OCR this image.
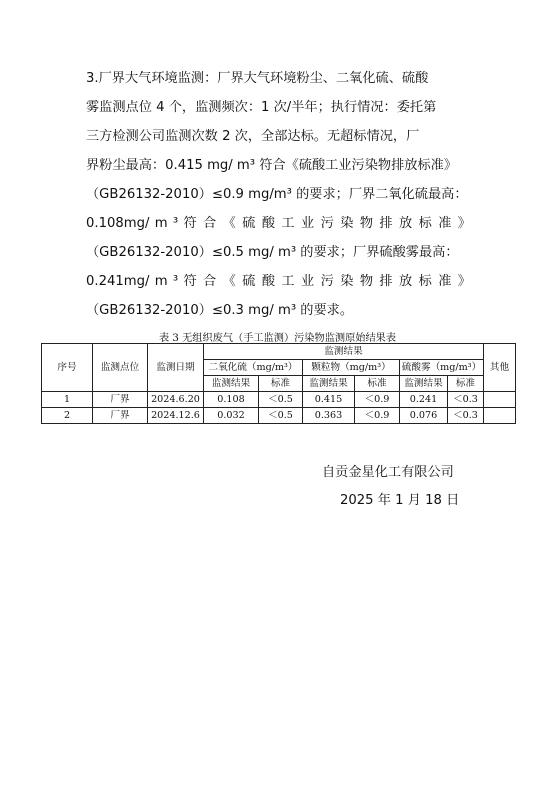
3.厂界大气环境监测：厂界大气环境粉尘、二氧化硫、硫酸
雾监测点位 4 个，监测频次：1 次/半年；执行情况：委托第
三方检测公司监测次数 2 次，全部达标。无超标情况，厂
界粉尘最高：0.415 mg/ m³ 符合《硫酸工业污染物排放标准》
（GB26132-2010）≤0.9 mg/m³ 的要求；厂界二氧化硫最高：
0.108mg/ m ³ 符 合 《 硫 酸 工 业 污 染 物 排 放 标 准 》
（GB26132-2010）≤0.5 mg/ m³ 的要求；厂界硫酸雾最高：
0.241mg/ m ³ 符 合 《 硫 酸 工 业 污 染 物 排 放 标 准 》
（GB26132-2010）≤0.3 mg/ m³ 的要求。
表 3 无组织废气（手工监测）污染物监测原始结果表
序号	监测点位	监测日期	监测结果						其他
			二氧化硫（mg/m³）		颗粒物（mg/m³）		硫酸雾（mg/m³）		
			监测结果	标准	监测结果	标准	监测结果	标准	
1	厂界	2024.6.20	0.108	＜0.5	0.415	＜0.9	0.241	＜0.3	
2	厂界	2024.12.6	0.032	＜0.5	0.363	＜0.9	0.076	＜0.3	
自贡金星化工有限公司
2025 年 1 月 18 日
